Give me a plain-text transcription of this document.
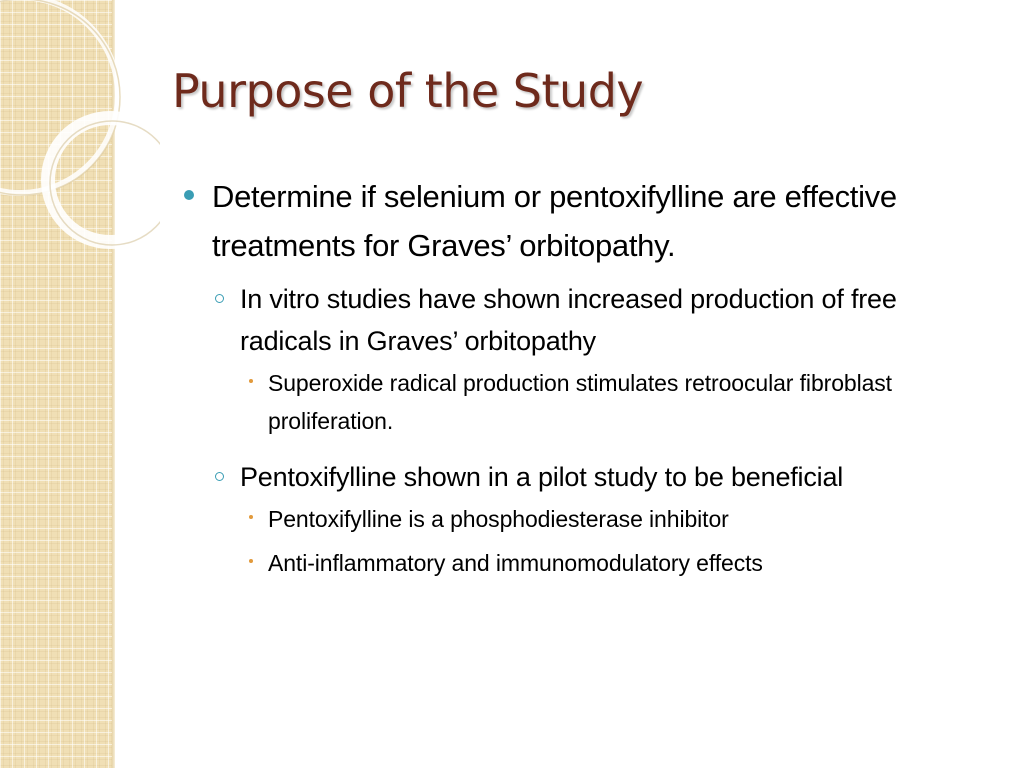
Purpose of the Study
Determine if selenium or pentoxifylline are effective treatments for Graves’ orbitopathy.
In vitro studies have shown increased production of free radicals in Graves’ orbitopathy
Superoxide radical production stimulates retroocular fibroblast proliferation.
Pentoxifylline shown in a pilot study to be beneficial
Pentoxifylline is a phosphodiesterase inhibitor
Anti-inflammatory and immunomodulatory effects
